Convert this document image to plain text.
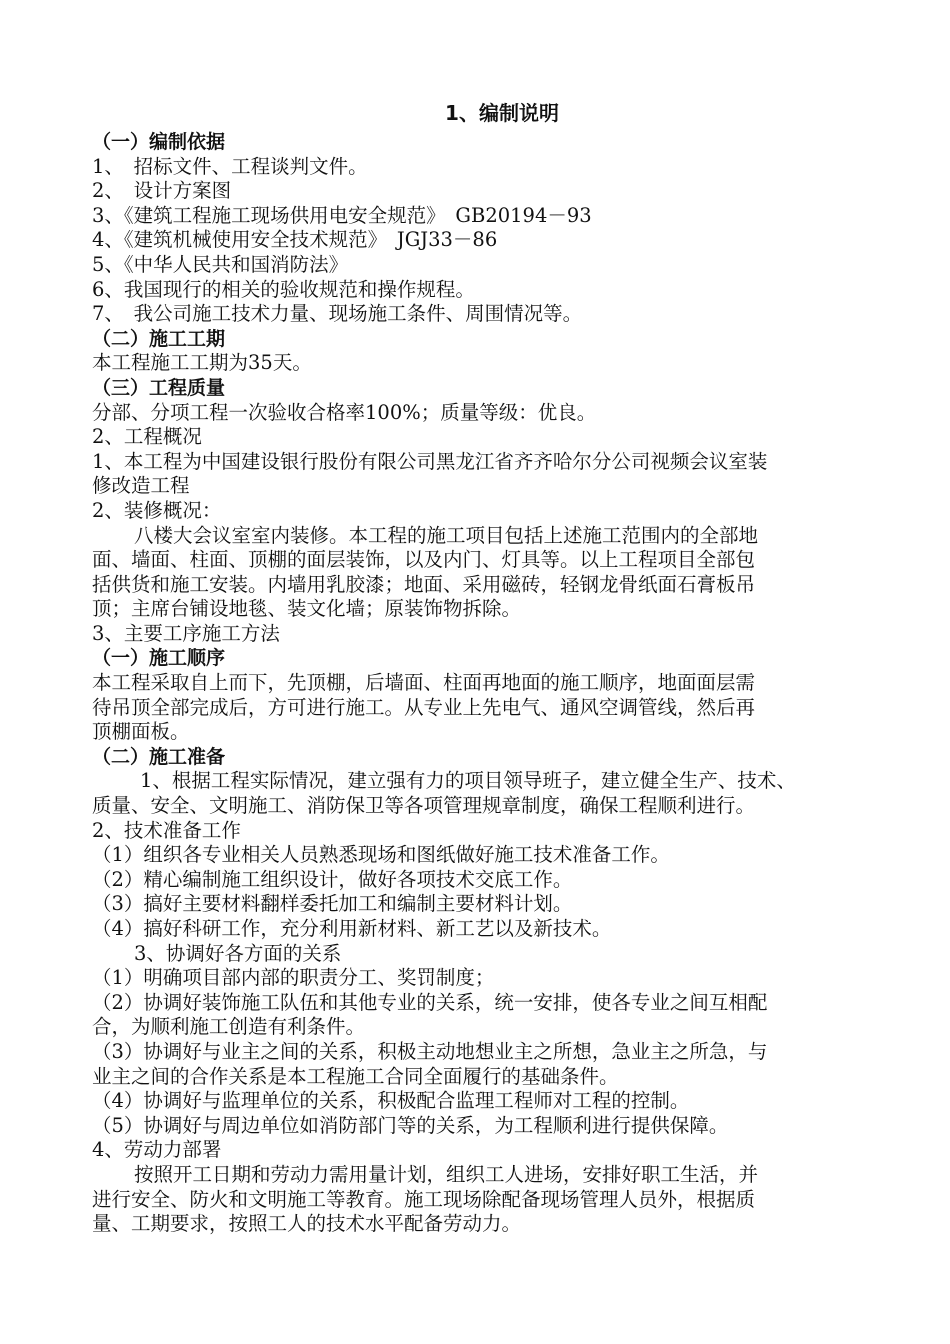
1、编制说明
（一）编制依据
1、　招标文件、工程谈判文件。
2、　设计方案图
3、《建筑工程施工现场供用电安全规范》　GB20194－93
4、《建筑机械使用安全技术规范》　JGJ33－86
5、《中华人民共和国消防法》
6、我国现行的相关的验收规范和操作规程。
7、　我公司施工技术力量、现场施工条件、周围情况等。
（二）施工工期
本工程施工工期为35天。
（三）工程质量
分部、分项工程一次验收合格率100%；质量等级：优良。
2、工程概况
1、本工程为中国建设银行股份有限公司黑龙江省齐齐哈尔分公司视频会议室装
修改造工程
2、装修概况：
八楼大会议室室内装修。本工程的施工项目包括上述施工范围内的全部地
面、墙面、柱面、顶棚的面层装饰，以及内门、灯具等。以上工程项目全部包
括供货和施工安装。内墙用乳胶漆；地面、采用磁砖，轻钢龙骨纸面石膏板吊
顶；主席台铺设地毯、装文化墙；原装饰物拆除。
3、主要工序施工方法
（一）施工顺序
本工程采取自上而下，先顶棚，后墙面、柱面再地面的施工顺序，地面面层需
待吊顶全部完成后，方可进行施工。从专业上先电气、通风空调管线，然后再
顶棚面板。
（二）施工准备
1、根据工程实际情况，建立强有力的项目领导班子，建立健全生产、技术、
质量、安全、文明施工、消防保卫等各项管理规章制度，确保工程顺利进行。
2、技术准备工作
（1）组织各专业相关人员熟悉现场和图纸做好施工技术准备工作。
（2）精心编制施工组织设计，做好各项技术交底工作。
（3）搞好主要材料翻样委托加工和编制主要材料计划。
（4）搞好科研工作，充分利用新材料、新工艺以及新技术。
3、协调好各方面的关系
（1）明确项目部内部的职责分工、奖罚制度；
（2）协调好装饰施工队伍和其他专业的关系，统一安排，使各专业之间互相配
合，为顺利施工创造有利条件。
（3）协调好与业主之间的关系，积极主动地想业主之所想，急业主之所急，与
业主之间的合作关系是本工程施工合同全面履行的基础条件。
（4）协调好与监理单位的关系，积极配合监理工程师对工程的控制。
（5）协调好与周边单位如消防部门等的关系，为工程顺利进行提供保障。
4、劳动力部署
按照开工日期和劳动力需用量计划，组织工人进场，安排好职工生活，并
进行安全、防火和文明施工等教育。施工现场除配备现场管理人员外，根据质
量、工期要求，按照工人的技术水平配备劳动力。
